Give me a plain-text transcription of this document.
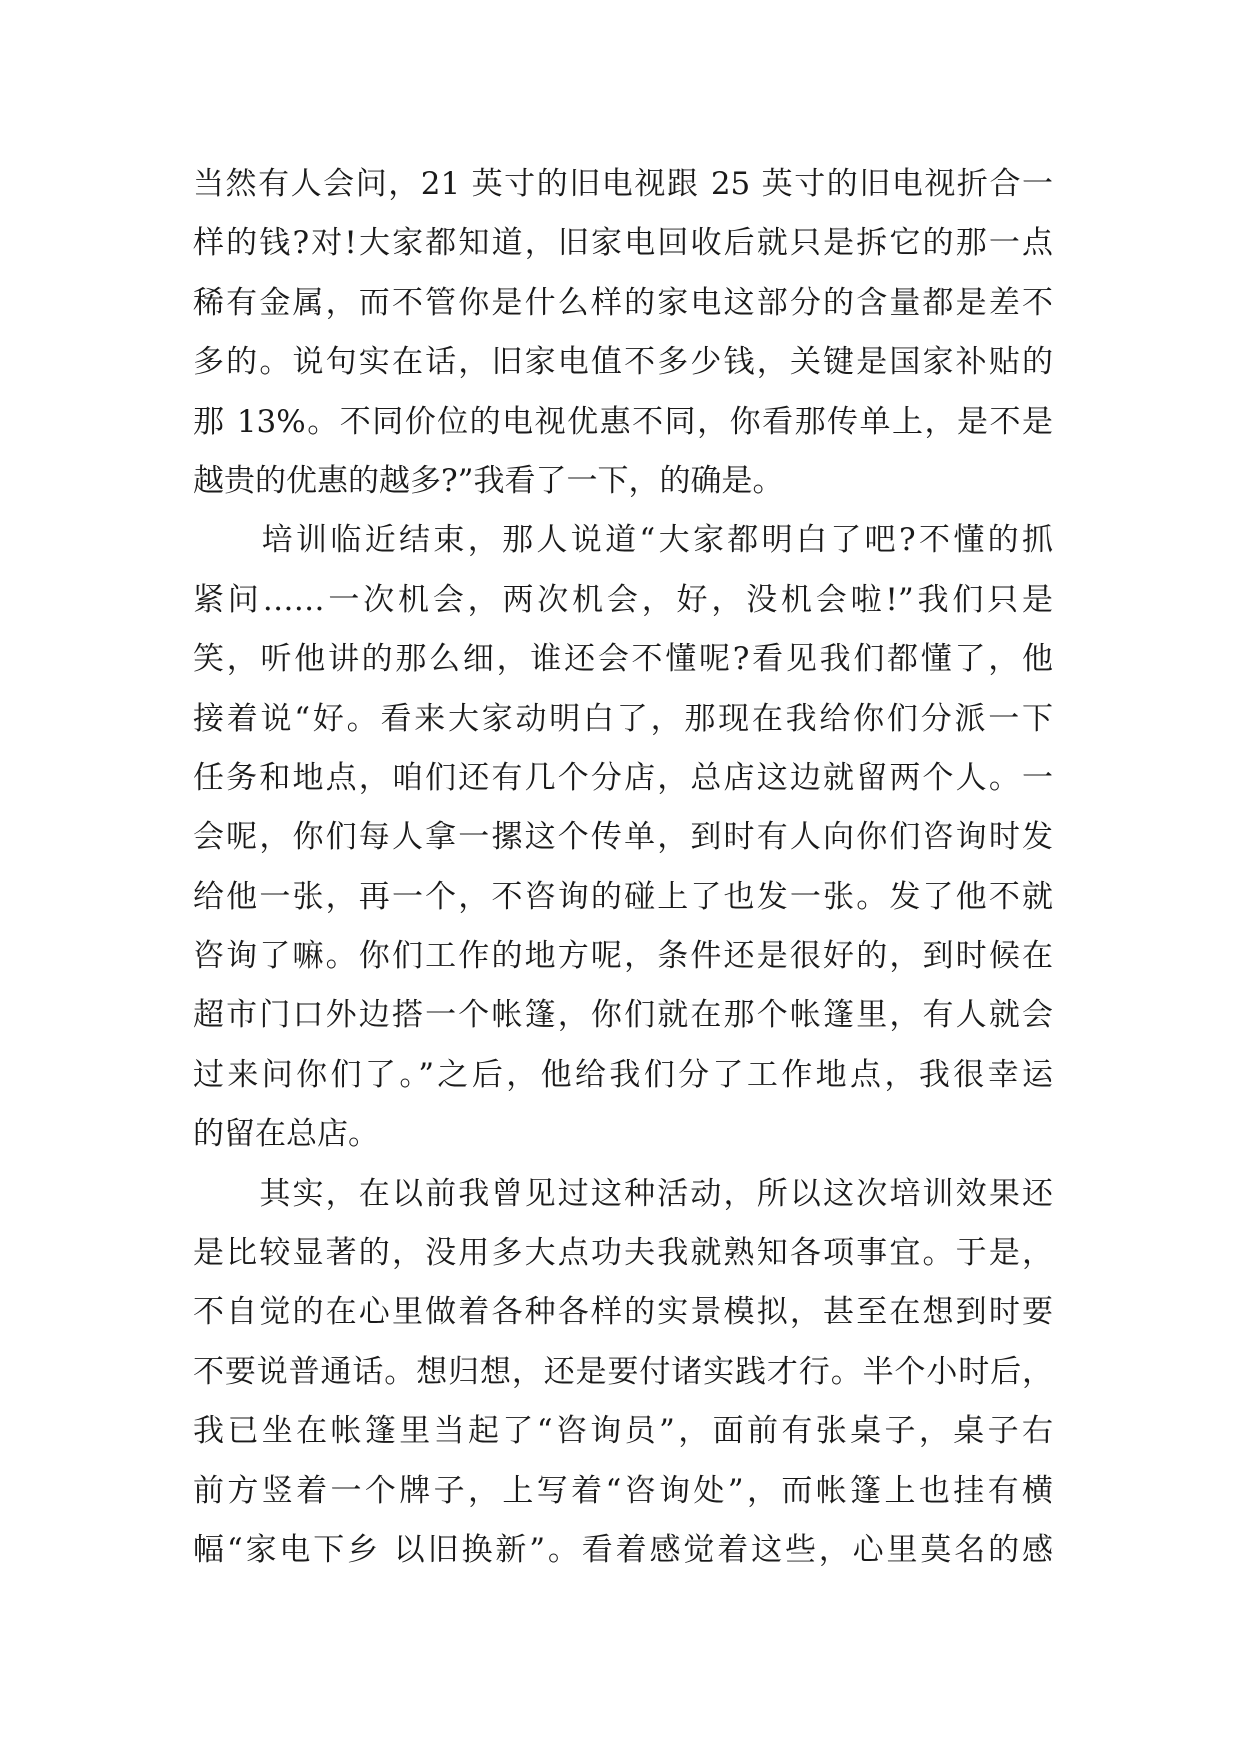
当然有人会问，21 英寸的旧电视跟 25 英寸的旧电视折合一
样的钱?对!大家都知道，旧家电回收后就只是拆它的那一点
稀有金属，而不管你是什么样的家电这部分的含量都是差不
多的。说句实在话，旧家电值不多少钱，关键是国家补贴的
那 13%。不同价位的电视优惠不同，你看那传单上，是不是
越贵的优惠的越多?”我看了一下，的确是。
　　培训临近结束，那人说道“大家都明白了吧?不懂的抓
紧问……一次机会，两次机会，好，没机会啦!”我们只是
笑，听他讲的那么细，谁还会不懂呢?看见我们都懂了，他
接着说“好。看来大家动明白了，那现在我给你们分派一下
任务和地点，咱们还有几个分店，总店这边就留两个人。一
会呢，你们每人拿一摞这个传单，到时有人向你们咨询时发
给他一张，再一个，不咨询的碰上了也发一张。发了他不就
咨询了嘛。你们工作的地方呢，条件还是很好的，到时候在
超市门口外边搭一个帐篷，你们就在那个帐篷里，有人就会
过来问你们了。”之后，他给我们分了工作地点，我很幸运
的留在总店。
　　其实，在以前我曾见过这种活动，所以这次培训效果还
是比较显著的，没用多大点功夫我就熟知各项事宜。于是，
不自觉的在心里做着各种各样的实景模拟，甚至在想到时要
不要说普通话。想归想，还是要付诸实践才行。半个小时后，
我已坐在帐篷里当起了“咨询员”，面前有张桌子，桌子右
前方竖着一个牌子，上写着“咨询处”，而帐篷上也挂有横
幅“家电下乡 以旧换新”。看着感觉着这些，心里莫名的感
